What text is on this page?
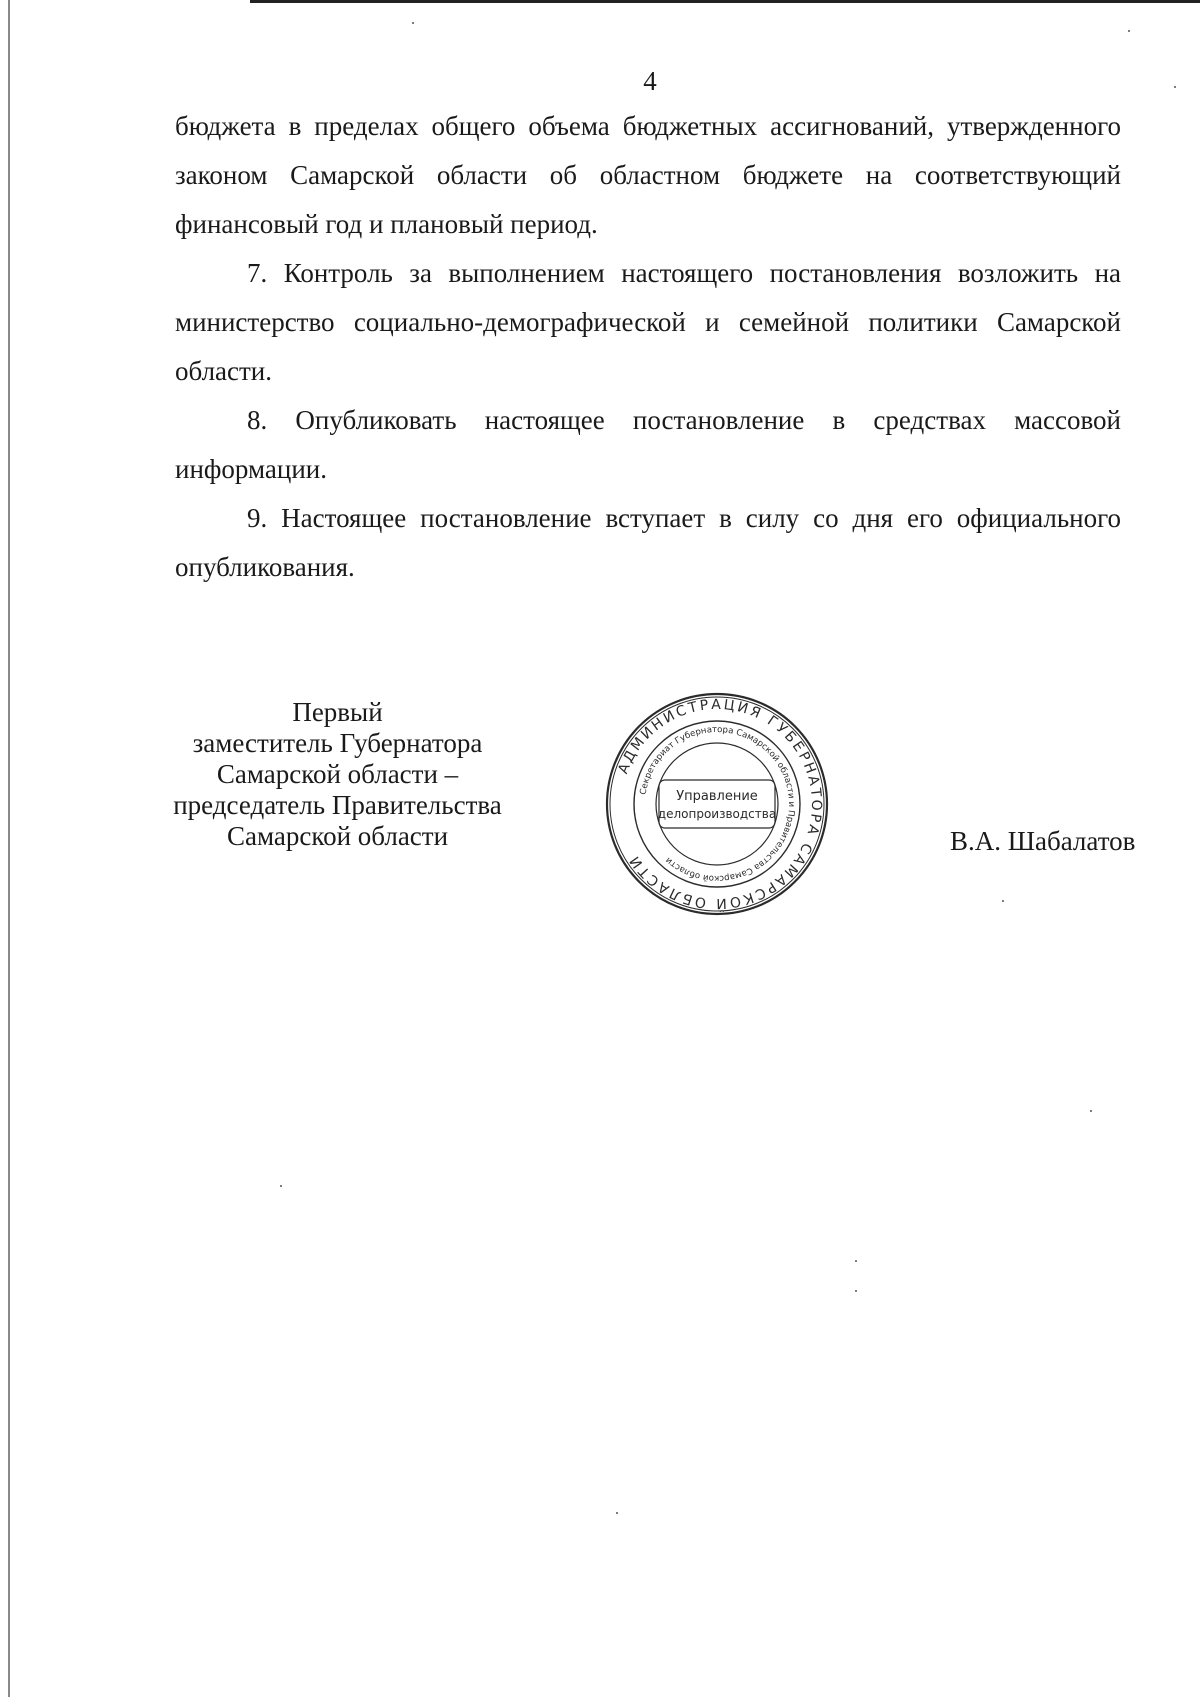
4

бюджета в пределах общего объема бюджетных ассигнований, утвержденного законом Самарской области об областном бюджете на соответствующий финансовый год и плановый период.

7. Контроль за выполнением настоящего постановления возложить на министерство социально-демографической и семейной политики Самарской области.

8. Опубликовать настоящее постановление в средствах массовой информации.

9. Настоящее постановление вступает в силу со дня его официального опубликования.

Первый
заместитель Губернатора
Самарской области –
председатель Правительства
Самарской области
АДМИНИСТРАЦИЯ ГУБЕРНАТОРА САМАРСКОЙ ОБЛАСТИ
Секретариат Губернатора Самарской области и Правительства Самарской области
Управление
делопроизводства
В.А. Шабалатов
